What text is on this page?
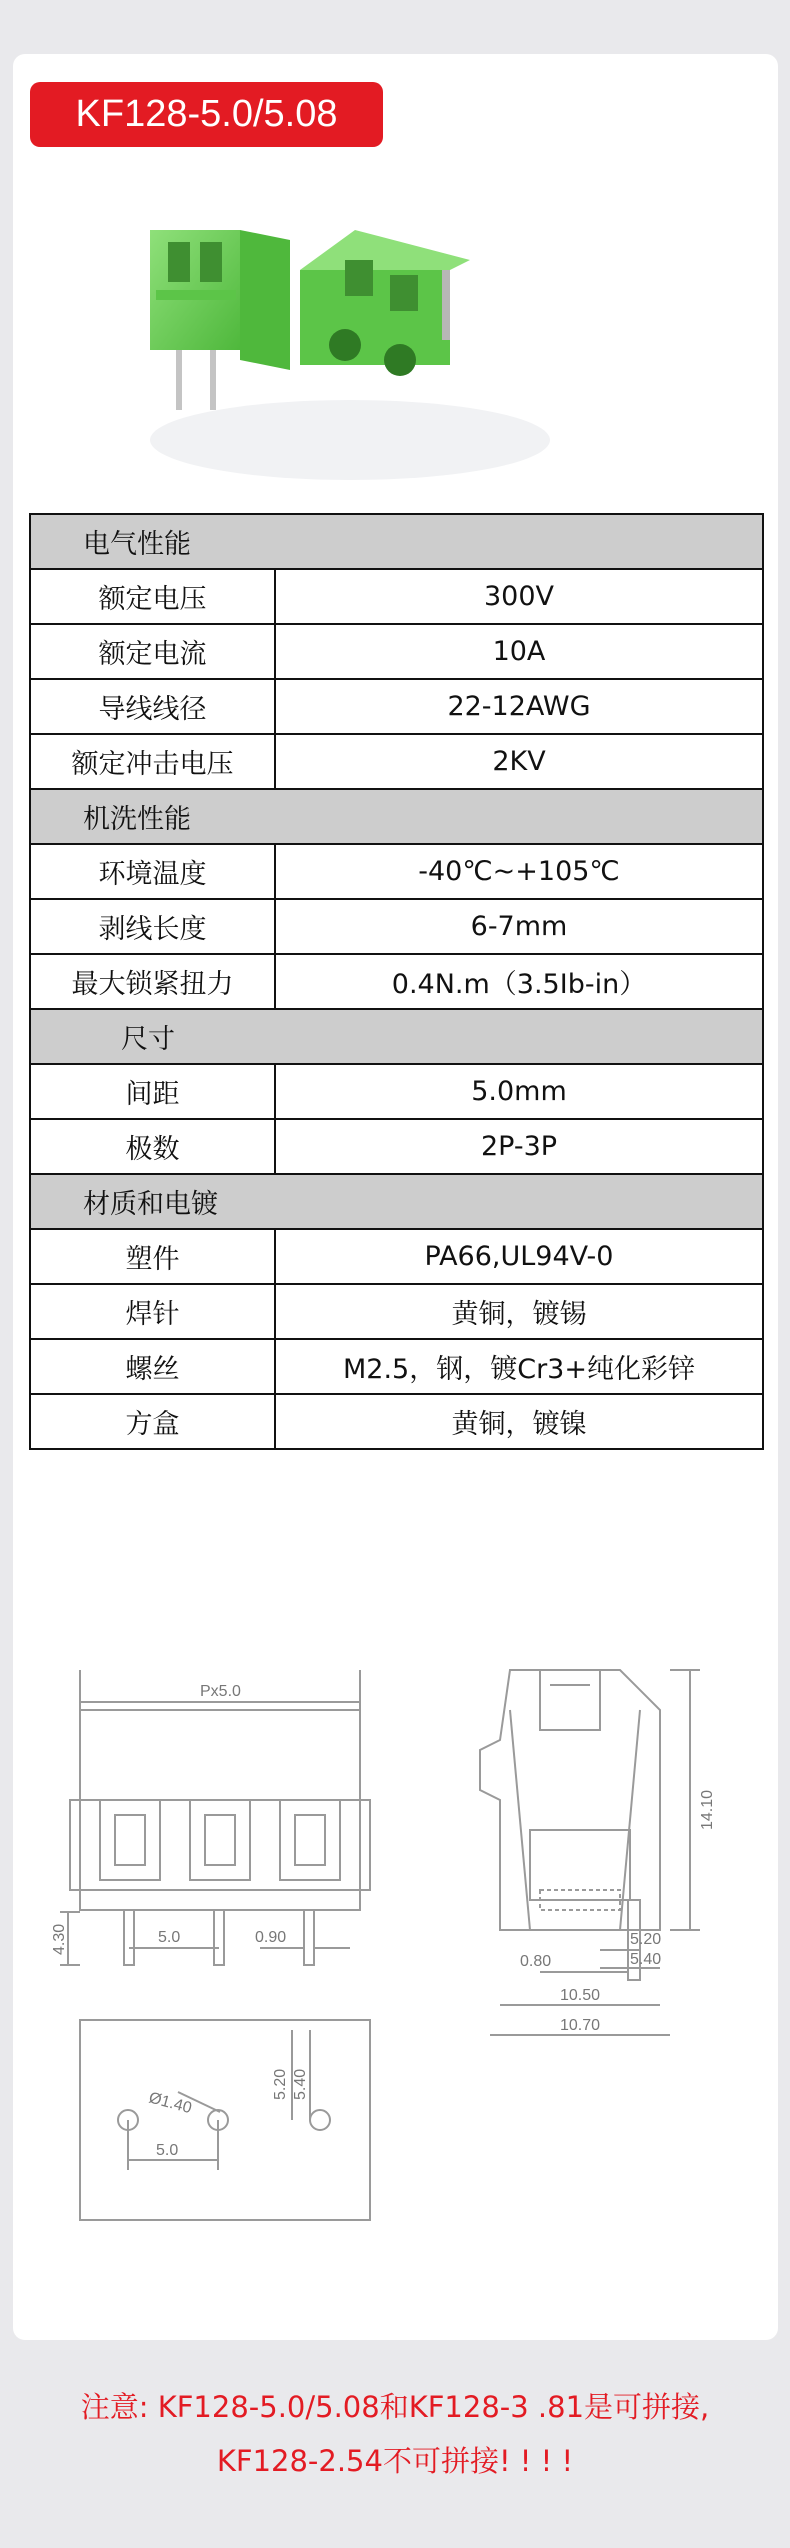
KF128-5.0/5.08
电气性能	
额定电压	300V
额定电流	10A
导线线径	22-12AWG
额定冲击电压	2KV
机洗性能	
环境温度	-40℃~+105℃
剥线长度	6-7mm
最大锁紧扭力	0.4N.m（3.5Ib-in）
尺寸	
间距	5.0mm
极数	2P-3P
材质和电镀	
塑件	PA66,UL94V-0
焊针	黄铜，镀锡
螺丝	M2.5，钢，镀Cr3+纯化彩锌
方盒	黄铜，镀镍
Px5.0
4.30	5.0	0.90
5.0
Ø1.40
5.20 5.40
14.10
5.20
5.40
0.80
10.50
10.70
注意: KF128-5.0/5.08和KF128-3 .81是可拼接,
KF128-2.54不可拼接! ! ! !
